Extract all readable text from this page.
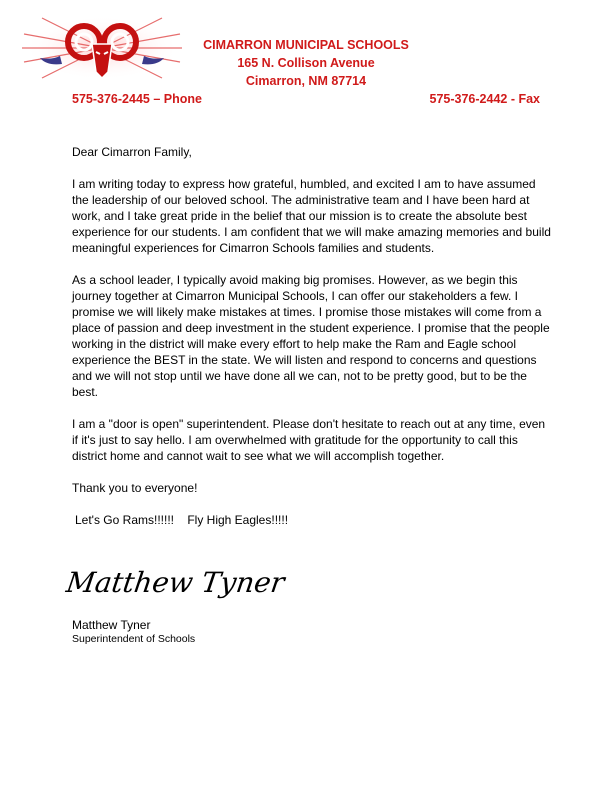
CIMARRON MUNICIPAL SCHOOLS

165 N. Collison Avenue

Cimarron, NM 87714

575-376-2445 – Phone	575-376-2442 - Fax

Dear Cimarron Family,

I am writing today to express how grateful, humbled, and excited I am to have assumed the leadership of our beloved school. The administrative team and I have been hard at work, and I take great pride in the belief that our mission is to create the absolute best experience for our students. I am confident that we will make amazing memories and build meaningful experiences for Cimarron Schools families and students.

As a school leader, I typically avoid making big promises. However, as we begin this journey together at Cimarron Municipal Schools, I can offer our stakeholders a few. I promise we will likely make mistakes at times. I promise those mistakes will come from a place of passion and deep investment in the student experience. I promise that the people working in the district will make every effort to help make the Ram and Eagle school experience the BEST in the state. We will listen and respond to concerns and questions and we will not stop until we have done all we can, not to be pretty good, but to be the best.

I am a "door is open" superintendent. Please don't hesitate to reach out at any time, even if it's just to say hello. I am overwhelmed with gratitude for the opportunity to call this district home and cannot wait to see what we will accomplish together.

Thank you to everyone!

Let's Go Rams!!!!!!    Fly High Eagles!!!!!

Matthew Tyner
Matthew Tyner
Superintendent of Schools
